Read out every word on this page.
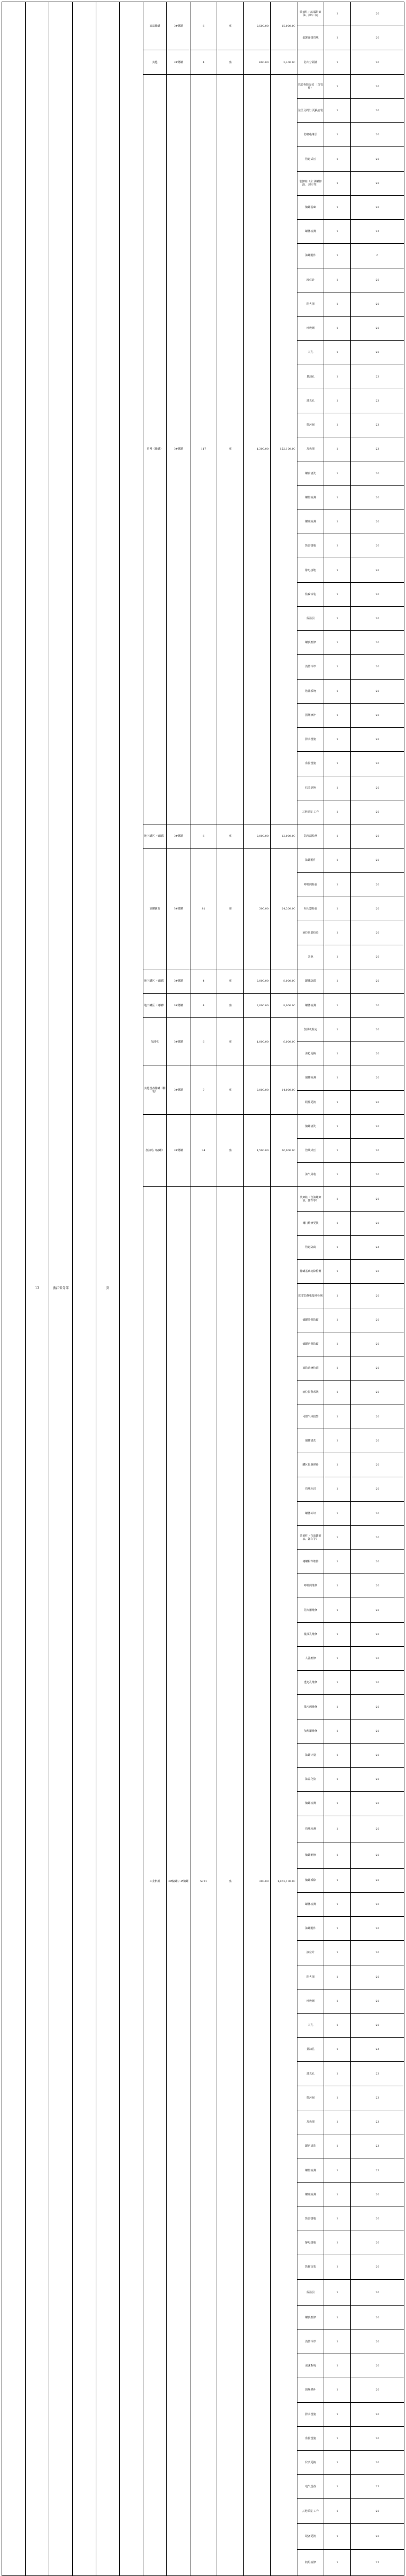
	13	浙江省分部		货		油品储罐	3#储罐	6	座	2,500.00	15,000.00	装卸柱 (含油罐 卸油、卸车 等)	1	20		
												装卸连接管线	1	20		
						其他	3#储罐	4	座	600.00	2,400.00	防火分隔墙	1	20		
						管网（储罐）	3#储罐	117	座	1,300.00	152,100.00	管道拆除安装 （含管件）	1	20		
												法兰及阀门 更换安装	1	20		
												防腐绝缘层	1	20		
												管道试压	1	20		
												装卸柱（含 油罐卸油、 卸车等）	1	20		
												储罐基础	1	20		
												罐体检测	1	22		
												油罐附件	1	6		
												液位计	1	20		
												阻火器	1	20		
												呼吸阀	1	20		
												人孔	1	20		
												量油孔	1	22		
												透光孔	1	22		
												排污阀	1	22		
												加热器	1	22		
												罐内清洗	1	20		
												罐壁检测	1	20		
												罐底检测	1	20		
												防雷接地	1	20		
												静电接地	1	20		
												防腐涂装	1	20		
												保温层	1	20		
												罐顶维修	1	20		
												消防冷却	1	20		
												泡沫系统	1	20		
												围堰修补	1	20		
												排水设施	1	20		
												监控设施	1	20		
												仪表更换	1	20		
												其他零星 工作	1	20		
						地下罐区（储罐）	3#储罐	6	座	2,000.00	12,000.00	防渗漏检测	1	20		
						油罐辅助	3#储罐	81	座	300.00	24,300.00	油罐附件	1	20		
												呼吸阀检验	1	20		
												阻火器检验	1	20		
												液位仪表校验	1	20		
												其他	1	20		
						地下罐区（储罐）	3#储罐	4	座	2,000.00	8,000.00	罐体防腐	1	20		
						地下罐区（储罐）	3#储罐	4	座	2,000.00	8,000.00	罐体检测	1	20		
						加油机	3#储罐	6	座	1,000.00	6,000.00	加油机检定	1	20		
												油枪更换	1	20		
						其他设备储罐（桶装）	3#储罐	7	座	2,000.00	14,000.00	储罐检测	1	20		
												附件更换	1	20		
						加油站（储罐）	3#储罐	24	座	1,500.00	36,000.00	储罐清洗	1	20		
												管线试压	1	20		
												油气回收	1	20		
						工业机组	3#储罐 /1#储罐	5721	座	300.00	1,872,100.00	装卸柱（含油罐卸油、卸车等）	1	20		
												阀门维修更换	1	20		
												管道防腐	1	22		
												储罐基础沉降检测	1	20		
												防雷防静电接地检测	1	20		
												储罐外壁防腐	1	20		
												储罐内壁防腐	1	20		
												消防系统检测	1	20		
												液位报警系统	1	20		
												可燃气体报警	1	20		
												储罐清洗	1	20		
												罐区围堰修补	1	20		
												管线标识	1	20		
												罐体标识	1	20		
												装卸柱（含油罐卸油、卸车等）	1	20		
												储罐附件维修	1	20		
												呼吸阀维修	1	20		
												阻火器维修	1	20		
												量油孔维修	1	20		
												人孔维修	1	20		
												透光孔维修	1	20		
												排污阀维修	1	20		
												加热器维修	1	20		
												油罐计量	1	20		
												油品化验	1	20		
												储罐检测	1	20		
												管线检测	1	20		
												储罐维修	1	20		
												储罐拆除	1	20		
												罐体检测	1	20		
												油罐附件	1	20		
												液位计	1	20		
												阻火器	1	20		
												呼吸阀	1	20		
												人孔	1	20		
												量油孔	1	22		
												透光孔	1	22		
												排污阀	1	22		
												加热器	1	22		
												罐内清洗	1	22		
												罐壁检测	1	22		
												罐底检测	1	20		
												防雷接地	1	20		
												静电接地	1	20		
												防腐涂装	1	20		
												保温层	1	20		
												罐顶维修	1	20		
												消防冷却	1	20		
												泡沫系统	1	20		
												围堰修补	1	20		
												排水设施	1	20		
												监控设施	1	20		
												仪表更换	1	20		
												电气设备	1	22		
												其他零星 工作	1	20		
												设备更换	1	20		
												机组检修	1	22		
